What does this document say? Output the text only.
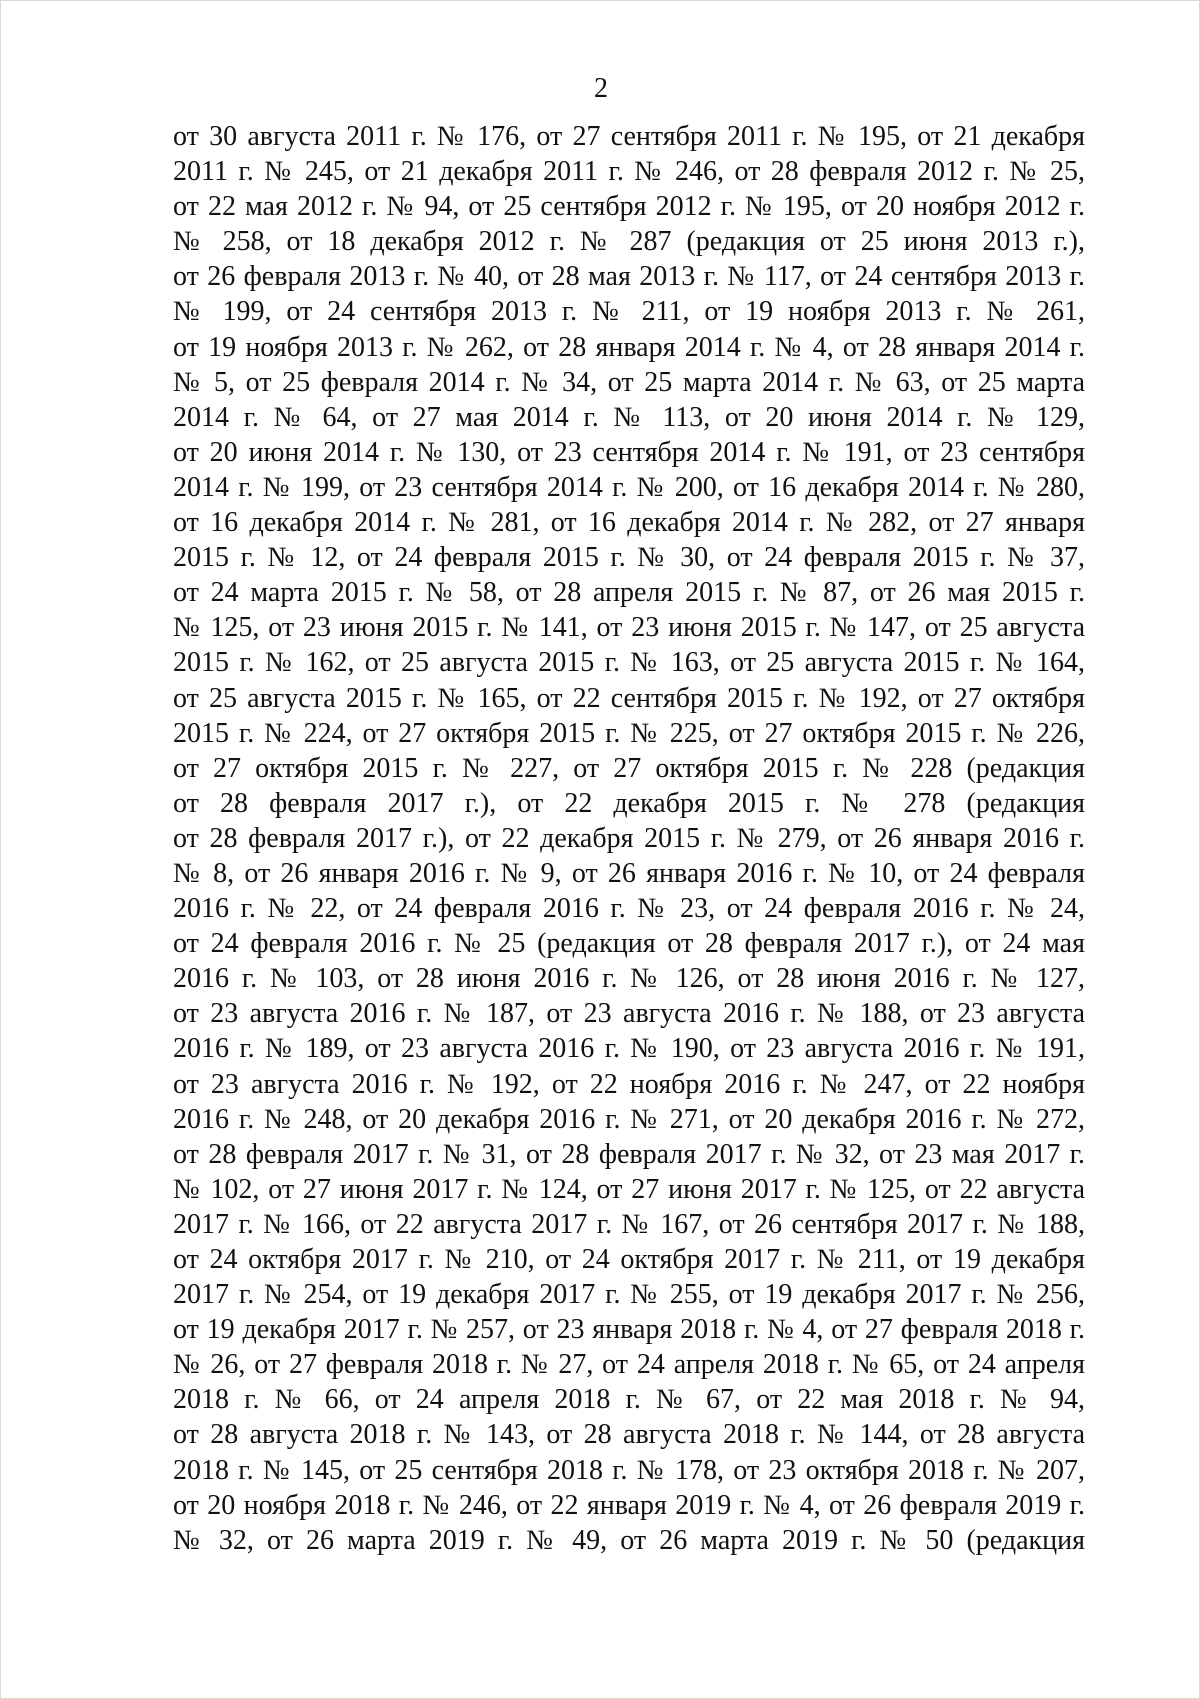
2
от 30 августа 2011 г. № 176, от 27 сентября 2011 г. № 195, от 21 декабря
2011 г. № 245, от 21 декабря 2011 г. № 246, от 28 февраля 2012 г. № 25,
от 22 мая 2012 г. № 94, от 25 сентября 2012 г. № 195, от 20 ноября 2012 г.
№ 258, от 18 декабря 2012 г. № 287 (редакция от 25 июня 2013 г.),
от 26 февраля 2013 г. № 40, от 28 мая 2013 г. № 117, от 24 сентября 2013 г.
№ 199, от 24 сентября 2013 г. № 211, от 19 ноября 2013 г. № 261,
от 19 ноября 2013 г. № 262, от 28 января 2014 г. № 4, от 28 января 2014 г.
№ 5, от 25 февраля 2014 г. № 34, от 25 марта 2014 г. № 63, от 25 марта
2014 г. № 64, от 27 мая 2014 г. № 113, от 20 июня 2014 г. № 129,
от 20 июня 2014 г. № 130, от 23 сентября 2014 г. № 191, от 23 сентября
2014 г. № 199, от 23 сентября 2014 г. № 200, от 16 декабря 2014 г. № 280,
от 16 декабря 2014 г. № 281, от 16 декабря 2014 г. № 282, от 27 января
2015 г. № 12, от 24 февраля 2015 г. № 30, от 24 февраля 2015 г. № 37,
от 24 марта 2015 г. № 58, от 28 апреля 2015 г. № 87, от 26 мая 2015 г.
№ 125, от 23 июня 2015 г. № 141, от 23 июня 2015 г. № 147, от 25 августа
2015 г. № 162, от 25 августа 2015 г. № 163, от 25 августа 2015 г. № 164,
от 25 августа 2015 г. № 165, от 22 сентября 2015 г. № 192, от 27 октября
2015 г. № 224, от 27 октября 2015 г. № 225, от 27 октября 2015 г. № 226,
от 27 октября 2015 г. № 227, от 27 октября 2015 г. № 228 (редакция
от 28 февраля 2017 г.), от 22 декабря 2015 г. № 278 (редакция
от 28 февраля 2017 г.), от 22 декабря 2015 г. № 279, от 26 января 2016 г.
№ 8, от 26 января 2016 г. № 9, от 26 января 2016 г. № 10, от 24 февраля
2016 г. № 22, от 24 февраля 2016 г. № 23, от 24 февраля 2016 г. № 24,
от 24 февраля 2016 г. № 25 (редакция от 28 февраля 2017 г.), от 24 мая
2016 г. № 103, от 28 июня 2016 г. № 126, от 28 июня 2016 г. № 127,
от 23 августа 2016 г. № 187, от 23 августа 2016 г. № 188, от 23 августа
2016 г. № 189, от 23 августа 2016 г. № 190, от 23 августа 2016 г. № 191,
от 23 августа 2016 г. № 192, от 22 ноября 2016 г. № 247, от 22 ноября
2016 г. № 248, от 20 декабря 2016 г. № 271, от 20 декабря 2016 г. № 272,
от 28 февраля 2017 г. № 31, от 28 февраля 2017 г. № 32, от 23 мая 2017 г.
№ 102, от 27 июня 2017 г. № 124, от 27 июня 2017 г. № 125, от 22 августа
2017 г. № 166, от 22 августа 2017 г. № 167, от 26 сентября 2017 г. № 188,
от 24 октября 2017 г. № 210, от 24 октября 2017 г. № 211, от 19 декабря
2017 г. № 254, от 19 декабря 2017 г. № 255, от 19 декабря 2017 г. № 256,
от 19 декабря 2017 г. № 257, от 23 января 2018 г. № 4, от 27 февраля 2018 г.
№ 26, от 27 февраля 2018 г. № 27, от 24 апреля 2018 г. № 65, от 24 апреля
2018 г. № 66, от 24 апреля 2018 г. № 67, от 22 мая 2018 г. № 94,
от 28 августа 2018 г. № 143, от 28 августа 2018 г. № 144, от 28 августа
2018 г. № 145, от 25 сентября 2018 г. № 178, от 23 октября 2018 г. № 207,
от 20 ноября 2018 г. № 246, от 22 января 2019 г. № 4, от 26 февраля 2019 г.
№ 32, от 26 марта 2019 г. № 49, от 26 марта 2019 г. № 50 (редакция
